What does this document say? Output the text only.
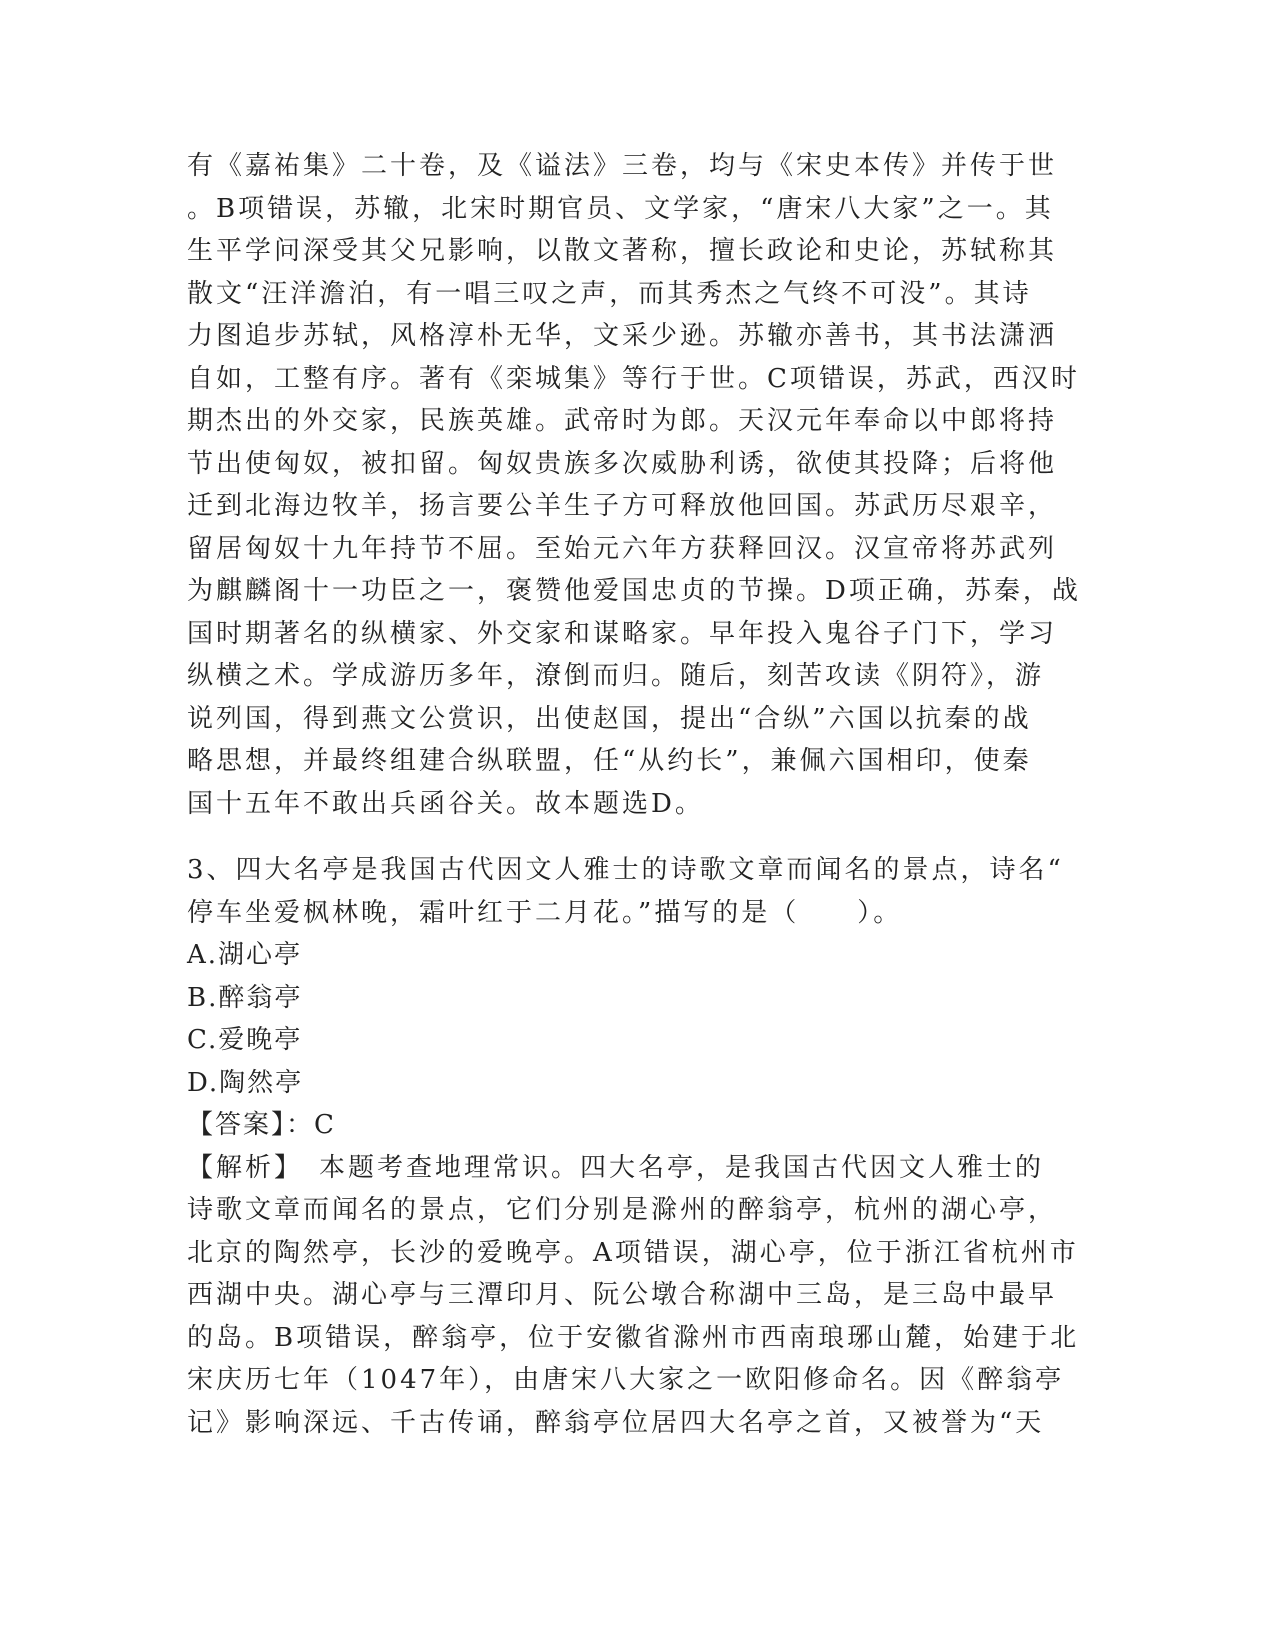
有《嘉祐集》二十卷，及《谥法》三卷，均与《宋史本传》并传于世
。B项错误，苏辙，北宋时期官员、文学家，“唐宋八大家”之一。其
生平学问深受其父兄影响，以散文著称，擅长政论和史论，苏轼称其
散文“汪洋澹泊，有一唱三叹之声，而其秀杰之气终不可没”。其诗
力图追步苏轼，风格淳朴无华，文采少逊。苏辙亦善书，其书法潇洒
自如，工整有序。著有《栾城集》等行于世。C项错误，苏武，西汉时
期杰出的外交家，民族英雄。武帝时为郎。天汉元年奉命以中郎将持
节出使匈奴，被扣留。匈奴贵族多次威胁利诱，欲使其投降；后将他
迁到北海边牧羊，扬言要公羊生子方可释放他回国。苏武历尽艰辛，
留居匈奴十九年持节不屈。至始元六年方获释回汉。汉宣帝将苏武列
为麒麟阁十一功臣之一，褒赞他爱国忠贞的节操。D项正确，苏秦，战
国时期著名的纵横家、外交家和谋略家。早年投入鬼谷子门下，学习
纵横之术。学成游历多年，潦倒而归。随后，刻苦攻读《阴符》，游
说列国，得到燕文公赏识，出使赵国，提出“合纵”六国以抗秦的战
略思想，并最终组建合纵联盟，任“从约长”，兼佩六国相印，使秦
国十五年不敢出兵函谷关。故本题选D。
3、四大名亭是我国古代因文人雅士的诗歌文章而闻名的景点，诗名“
停车坐爱枫林晚，霜叶红于二月花。”描写的是（　　）。
A.湖心亭
B.醉翁亭
C.爱晚亭
D.陶然亭
【答案】：C
【解析】　本题考查地理常识。四大名亭，是我国古代因文人雅士的
诗歌文章而闻名的景点，它们分别是滁州的醉翁亭，杭州的湖心亭，
北京的陶然亭，长沙的爱晚亭。A项错误，湖心亭，位于浙江省杭州市
西湖中央。湖心亭与三潭印月、阮公墩合称湖中三岛，是三岛中最早
的岛。B项错误，醉翁亭，位于安徽省滁州市西南琅琊山麓，始建于北
宋庆历七年（1047年），由唐宋八大家之一欧阳修命名。因《醉翁亭
记》影响深远、千古传诵，醉翁亭位居四大名亭之首，又被誉为“天
